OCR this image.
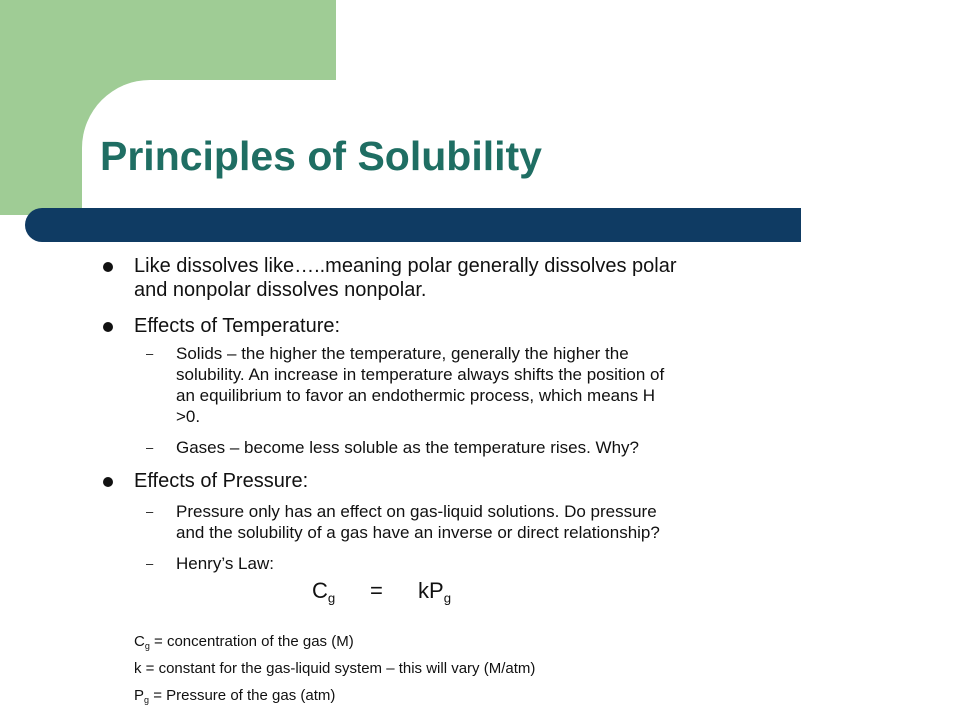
Principles of Solubility

Like dissolves like…..meaning polar generally dissolves polar

and nonpolar dissolves nonpolar.

Effects of Temperature:

– Solids – the higher the temperature, generally the higher the

solubility. An increase in temperature always shifts the position of

an equilibrium to favor an endothermic process, which means H

>0.

– Gases – become less soluble as the temperature rises. Why?

Effects of Pressure:

– Pressure only has an effect on gas-liquid solutions. Do pressure

and the solubility of a gas have an inverse or direct relationship?

– Henry’s Law:

$C_g = kP_g$

$C_g$ = concentration of the gas (M)

k = constant for the gas-liquid system – this will vary (M/atm)

$P_g$ = Pressure of the gas (atm)
